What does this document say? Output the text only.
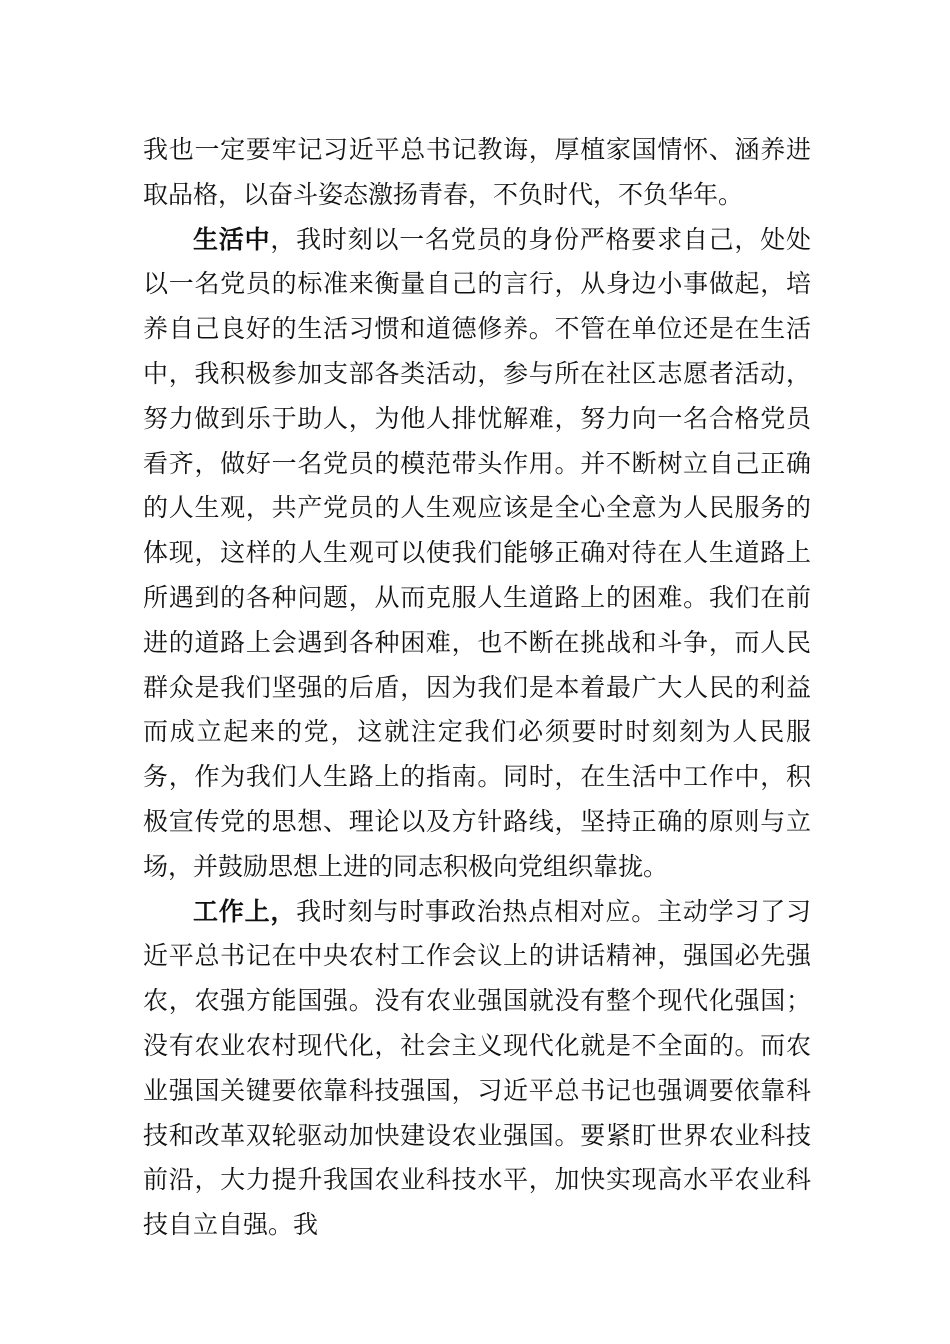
我也一定要牢记习近平总书记教诲，厚植家国情怀、涵养进取品格，以奋斗姿态激扬青春，不负时代，不负华年。

生活中，我时刻以一名党员的身份严格要求自己，处处以一名党员的标准来衡量自己的言行，从身边小事做起，培养自己良好的生活习惯和道德修养。不管在单位还是在生活中，我积极参加支部各类活动，参与所在社区志愿者活动，努力做到乐于助人，为他人排忧解难，努力向一名合格党员看齐，做好一名党员的模范带头作用。并不断树立自己正确的人生观，共产党员的人生观应该是全心全意为人民服务的体现，这样的人生观可以使我们能够正确对待在人生道路上所遇到的各种问题，从而克服人生道路上的困难。我们在前进的道路上会遇到各种困难，也不断在挑战和斗争，而人民群众是我们坚强的后盾，因为我们是本着最广大人民的利益而成立起来的党，这就注定我们必须要时时刻刻为人民服务，作为我们人生路上的指南。同时，在生活中工作中，积极宣传党的思想、理论以及方针路线，坚持正确的原则与立场，并鼓励思想上进的同志积极向党组织靠拢。

工作上，我时刻与时事政治热点相对应。主动学习了习近平总书记在中央农村工作会议上的讲话精神，强国必先强农，农强方能国强。没有农业强国就没有整个现代化强国；没有农业农村现代化，社会主义现代化就是不全面的。而农业强国关键要依靠科技强国，习近平总书记也强调要依靠科技和改革双轮驱动加快建设农业强国。要紧盯世界农业科技前沿，大力提升我国农业科技水平，加快实现高水平农业科技自立自强。我
